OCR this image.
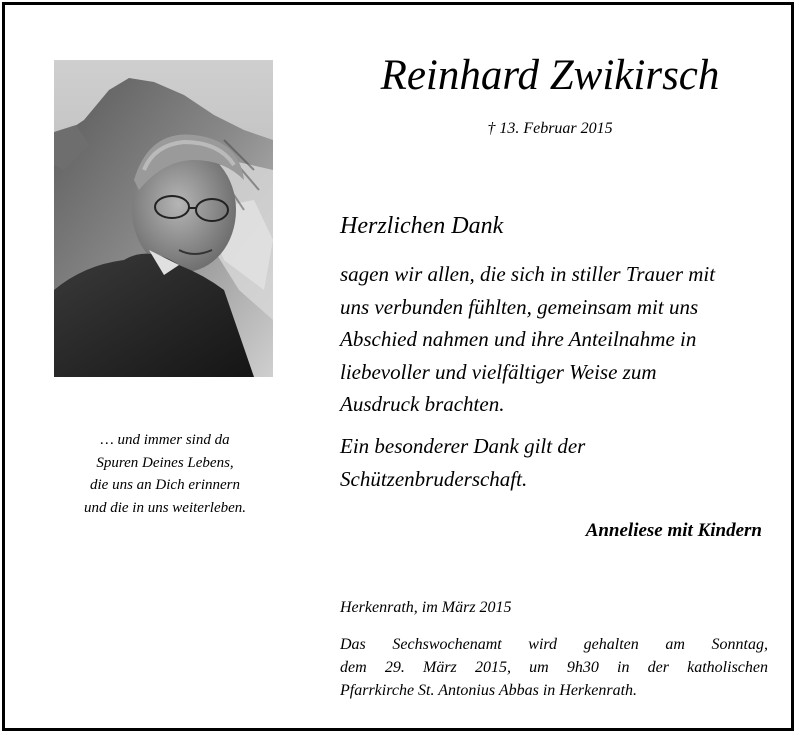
… und immer sind da
Spuren Deines Lebens,
die uns an Dich erinnern
und die in uns weiterleben.
Reinhard Zwikirsch
† 13. Februar 2015
Herzlichen Dank
sagen wir allen, die sich in stiller Trauer mit
uns verbunden fühlten, gemeinsam mit uns
Abschied nahmen und ihre Anteilnahme in
liebevoller und vielfältiger Weise zum
Ausdruck brachten.
Ein besonderer Dank gilt der
Schützenbruderschaft.
Anneliese mit Kindern
Herkenrath, im März 2015
Das Sechswochenamt wird gehalten am Sonntag,
dem 29. März 2015, um 9h30 in der katholischen
Pfarrkirche St. Antonius Abbas in Herkenrath.
